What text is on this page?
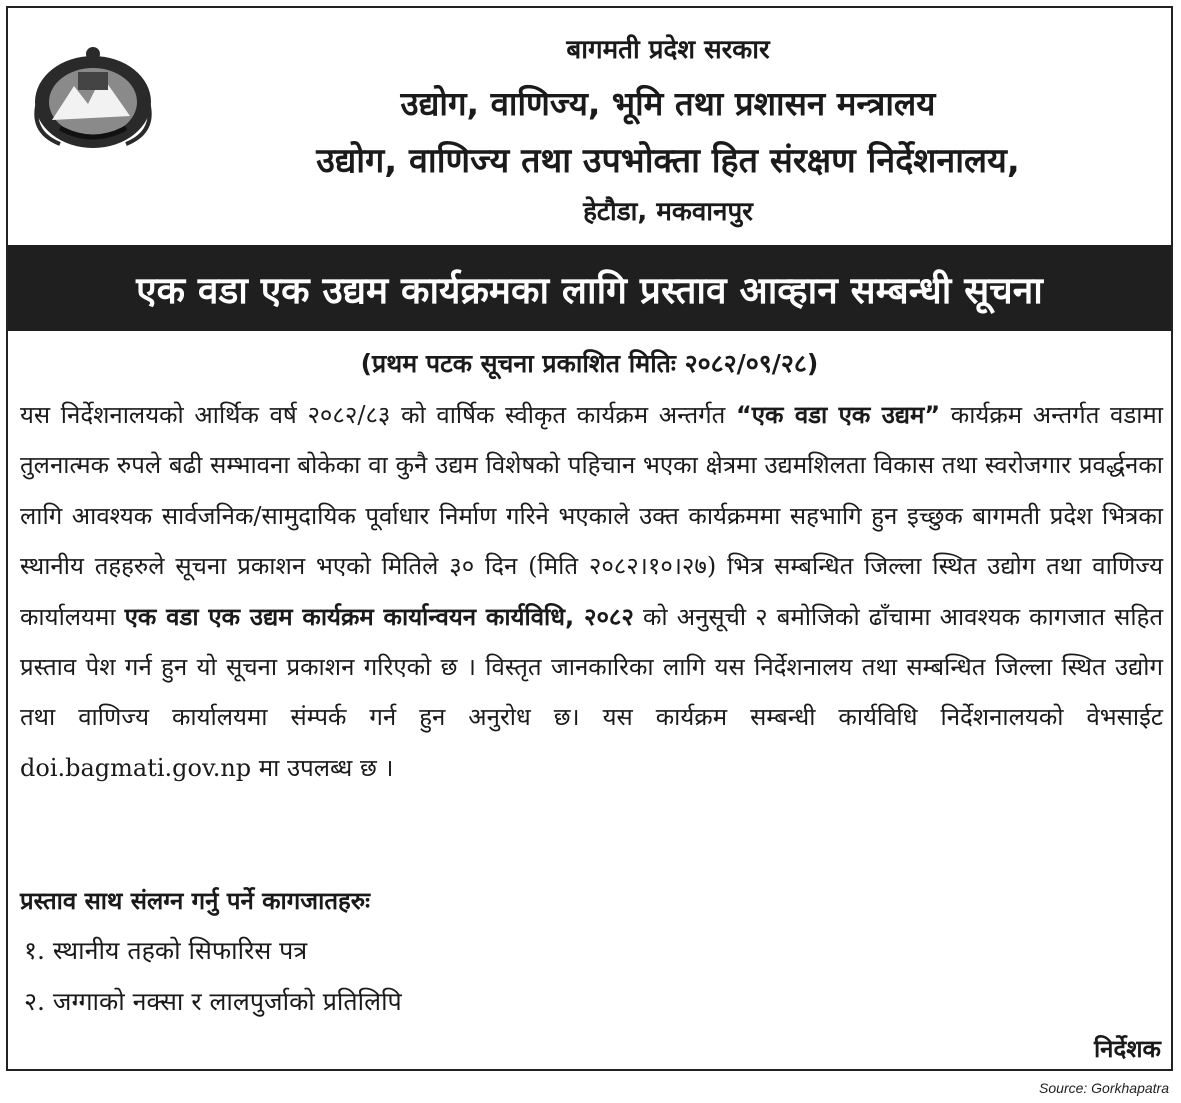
बागमती प्रदेश सरकार
उद्योग, वाणिज्य, भूमि तथा प्रशासन मन्त्रालय
उद्योग, वाणिज्य तथा उपभोक्ता हित संरक्षण निर्देशनालय,
हेटौडा, मकवानपुर
एक वडा एक उद्यम कार्यक्रमका लागि प्रस्ताव आव्हान सम्बन्धी सूचना
(प्रथम पटक सूचना प्रकाशित मितिः २०८२/०९/२८)
यस निर्देशनालयको आर्थिक वर्ष २०८२/८३ को वार्षिक स्वीकृत कार्यक्रम अन्तर्गत “एक वडा एक उद्यम” कार्यक्रम अन्तर्गत वडामा तुलनात्मक रुपले बढी सम्भावना बोकेका वा कुनै उद्यम विशेषको पहिचान भएका क्षेत्रमा उद्यमशिलता विकास तथा स्वरोजगार प्रवर्द्धनका लागि आवश्यक सार्वजनिक/सामुदायिक पूर्वाधार निर्माण गरिने भएकाले उक्त कार्यक्रममा सहभागि हुन इच्छुक बागमती प्रदेश भित्रका स्थानीय तहहरुले सूचना प्रकाशन भएको मितिले ३० दिन (मिति २०८२।१०।२७) भित्र सम्बन्धित जिल्ला स्थित उद्योग तथा वाणिज्य कार्यालयमा एक वडा एक उद्यम कार्यक्रम कार्यान्वयन कार्यविधि, २०८२ को अनुसूची २ बमोजिको ढाँचामा आवश्यक कागजात सहित प्रस्ताव पेश गर्न हुन यो सूचना प्रकाशन गरिएको छ । विस्तृत जानकारिका लागि यस निर्देशनालय तथा सम्बन्धित जिल्ला स्थित उद्योग तथा वाणिज्य कार्यालयमा संम्पर्क गर्न हुन अनुरोध छ। यस कार्यक्रम सम्बन्धी कार्यविधि निर्देशनालयको वेभसाईट doi.bagmati.gov.np मा उपलब्ध छ ।
प्रस्ताव साथ संलग्न गर्नु पर्ने कागजातहरुः
१. स्थानीय तहको सिफारिस पत्र
२. जग्गाको नक्सा र लालपुर्जाको प्रतिलिपि
निर्देशक
Source: Gorkhapatra
